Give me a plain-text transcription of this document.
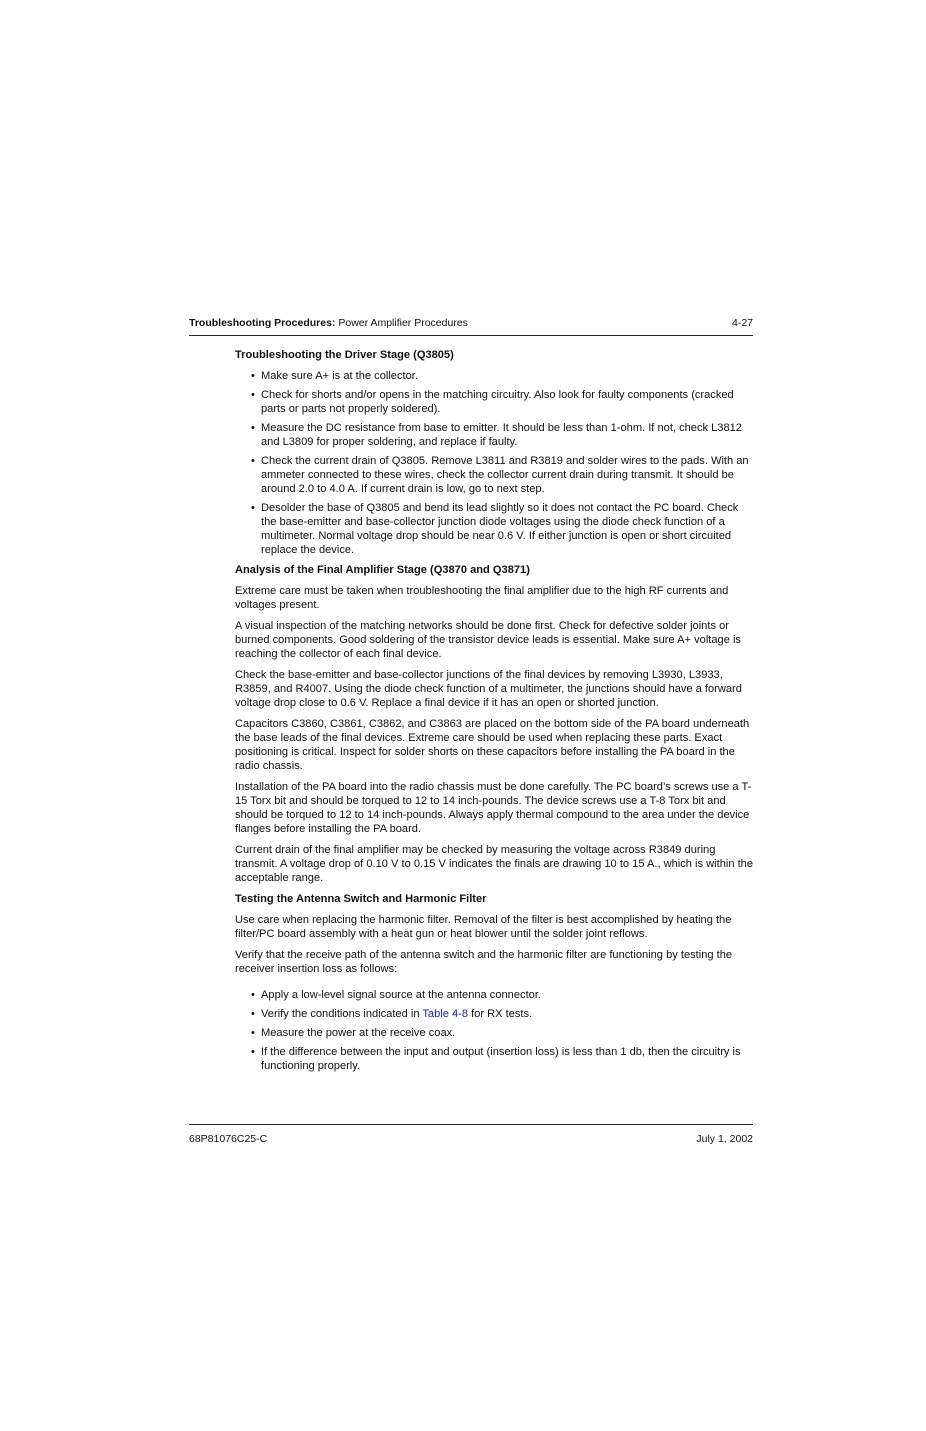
Troubleshooting Procedures: Power Amplifier Procedures	4-27
Troubleshooting the Driver Stage (Q3805)
• Make sure A+ is at the collector.
• Check for shorts and/or opens in the matching circuitry. Also look for faulty components (cracked parts or parts not properly soldered).
• Measure the DC resistance from base to emitter. It should be less than 1-ohm. If not, check L3812 and L3809 for proper soldering, and replace if faulty.
• Check the current drain of Q3805. Remove L3811 and R3819 and solder wires to the pads. With an ammeter connected to these wires, check the collector current drain during transmit. It should be around 2.0 to 4.0 A. If current drain is low, go to next step.
• Desolder the base of Q3805 and bend its lead slightly so it does not contact the PC board. Check the base-emitter and base-collector junction diode voltages using the diode check function of a multimeter. Normal voltage drop should be near 0.6 V. If either junction is open or short circuited replace the device.
Analysis of the Final Amplifier Stage (Q3870 and Q3871)

Extreme care must be taken when troubleshooting the final amplifier due to the high RF currents and voltages present.

A visual inspection of the matching networks should be done first. Check for defective solder joints or burned components. Good soldering of the transistor device leads is essential. Make sure A+ voltage is reaching the collector of each final device.

Check the base-emitter and base-collector junctions of the final devices by removing L3930, L3933, R3859, and R4007. Using the diode check function of a multimeter, the junctions should have a forward voltage drop close to 0.6 V. Replace a final device if it has an open or shorted junction.

Capacitors C3860, C3861, C3862, and C3863 are placed on the bottom side of the PA board underneath the base leads of the final devices. Extreme care should be used when replacing these parts. Exact positioning is critical. Inspect for solder shorts on these capacitors before installing the PA board in the radio chassis.

Installation of the PA board into the radio chassis must be done carefully. The PC board’s screws use a T-15 Torx bit and should be torqued to 12 to 14 inch-pounds. The device screws use a T-8 Torx bit and should be torqued to 12 to 14 inch-pounds. Always apply thermal compound to the area under the device flanges before installing the PA board.

Current drain of the final amplifier may be checked by measuring the voltage across R3849 during transmit. A voltage drop of 0.10 V to 0.15 V indicates the finals are drawing 10 to 15 A., which is within the acceptable range.

Testing the Antenna Switch and Harmonic Filter

Use care when replacing the harmonic filter. Removal of the filter is best accomplished by heating the filter/PC board assembly with a heat gun or heat blower until the solder joint reflows.

Verify that the receive path of the antenna switch and the harmonic filter are functioning by testing the receiver insertion loss as follows:

• Apply a low-level signal source at the antenna connector.
• Verify the conditions indicated in Table 4-8 for RX tests.
• Measure the power at the receive coax.
• If the difference between the input and output (insertion loss) is less than 1 db, then the circuitry is functioning properly.
68P81076C25-C	July 1, 2002
